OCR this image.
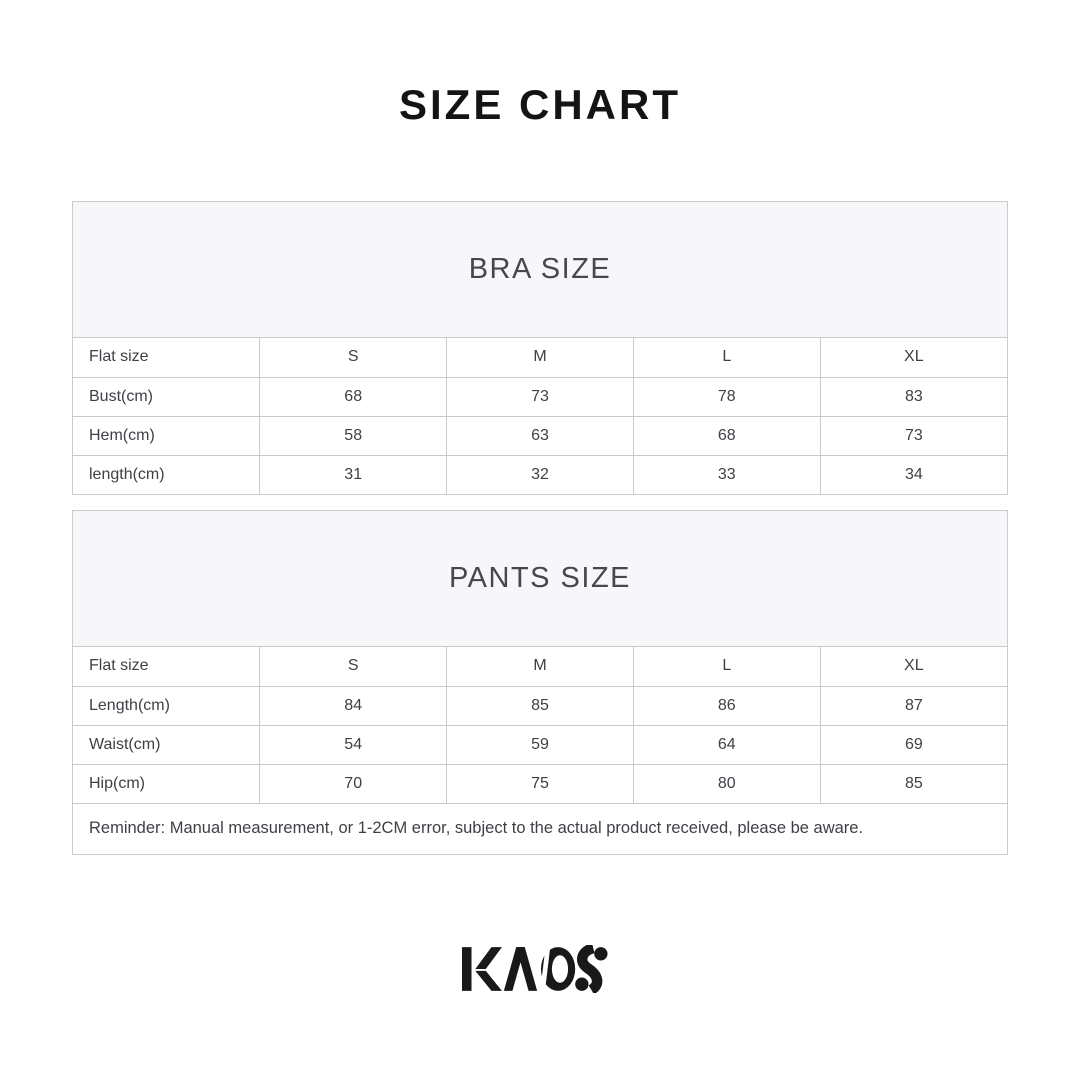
SIZE CHART
BRA SIZE
Flat size	S	M	L	XL
Bust(cm)	68	73	78	83
Hem(cm)	58	63	68	73
length(cm)	31	32	33	34
PANTS SIZE
Flat size	S	M	L	XL
Length(cm)	84	85	86	87
Waist(cm)	54	59	64	69
Hip(cm)	70	75	80	85
Reminder: Manual measurement, or 1-2CM error, subject to the actual product received, please be aware.				
